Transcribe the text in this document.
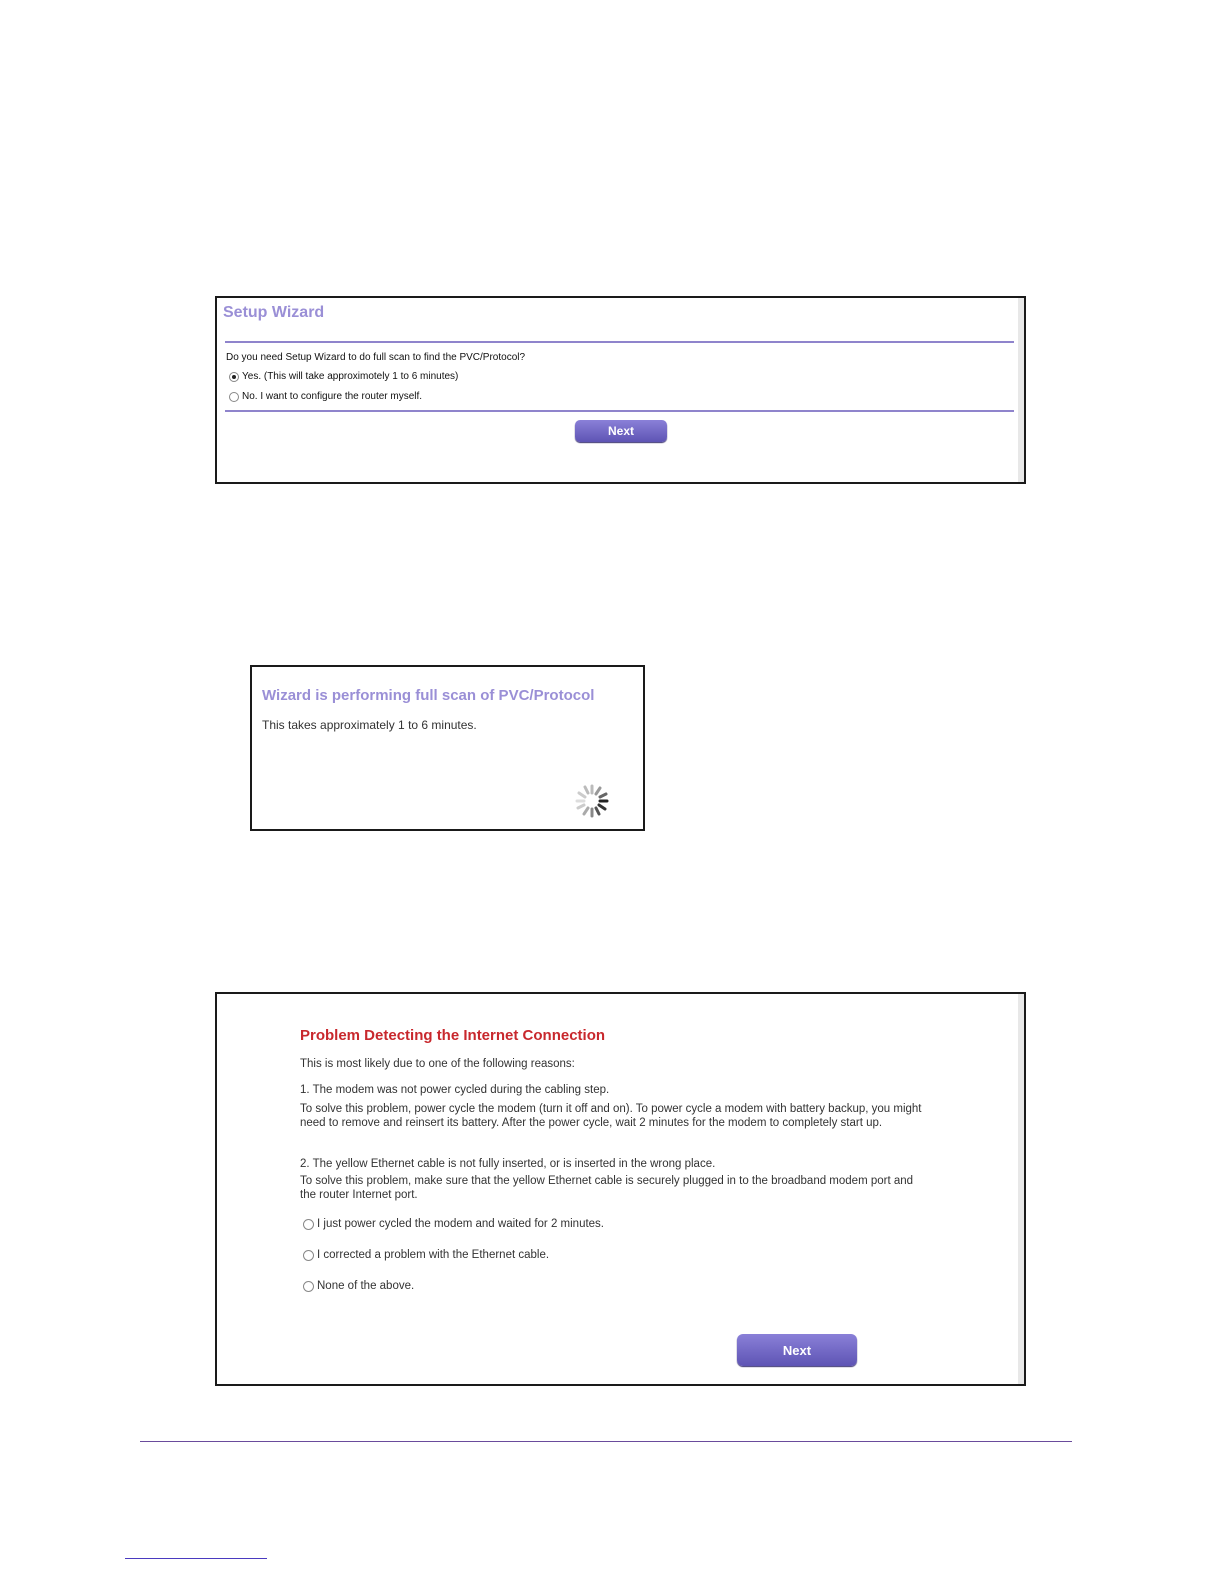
Setup Wizard
Do you need Setup Wizard to do full scan to find the PVC/Protocol?
Yes. (This will take approximotely 1 to 6 minutes)
No. I want to configure the router myself.
Next
Wizard is performing full scan of PVC/Protocol
This takes approximately 1 to 6 minutes.
Problem Detecting the Internet Connection
This is most likely due to one of the following reasons:
1. The modem was not power cycled during the cabling step.
To solve this problem, power cycle the modem (turn it off and on). To power cycle a modem with battery backup, you might need to remove and reinsert its battery. After the power cycle, wait 2 minutes for the modem to completely start up.
2. The yellow Ethernet cable is not fully inserted, or is inserted in the wrong place.
To solve this problem, make sure that the yellow Ethernet cable is securely plugged in to the broadband modem port and the router Internet port.
I just power cycled the modem and waited for 2 minutes.
I corrected a problem with the Ethernet cable.
None of the above.
Next
